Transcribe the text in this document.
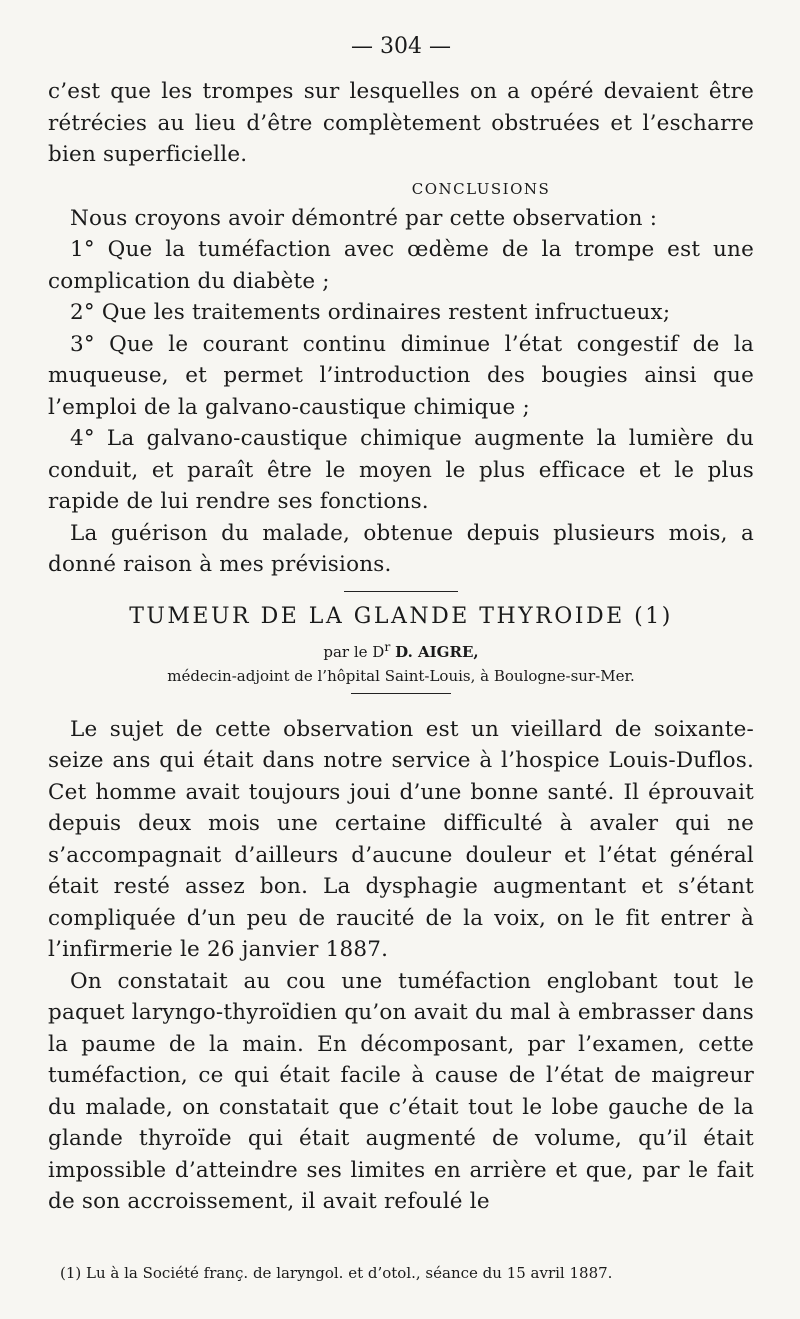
— 304 —

c’est que les trompes sur lesquelles on a opéré devaient être rétrécies au lieu d’être complètement obstruées et l’escharre bien superficielle.

CONCLUSIONS

Nous croyons avoir démontré par cette observation :

1° Que la tuméfaction avec œdème de la trompe est une complication du diabète ;

2° Que les traitements ordinaires restent infructueux;

3° Que le courant continu diminue l’état congestif de la muqueuse, et permet l’introduction des bougies ainsi que l’emploi de la galvano-caustique chimique ;

4° La galvano-caustique chimique augmente la lumière du conduit, et paraît être le moyen le plus efficace et le plus rapide de lui rendre ses fonctions.

La guérison du malade, obtenue depuis plusieurs mois, a donné raison à mes prévisions.

TUMEUR DE LA GLANDE THYROIDE (1)
par le $D^r$ D. AIGRE,
médecin-adjoint de l’hôpital Saint-Louis, à Boulogne-sur-Mer.

Le sujet de cette observation est un vieillard de soixante-seize ans qui était dans notre service à l’hospice Louis-Duflos. Cet homme avait toujours joui d’une bonne santé. Il éprouvait depuis deux mois une certaine difficulté à avaler qui ne s’accompagnait d’ailleurs d’aucune douleur et l’état général était resté assez bon. La dysphagie augmentant et s’étant compliquée d’un peu de raucité de la voix, on le fit entrer à l’infirmerie le 26 janvier 1887.

On constatait au cou une tuméfaction englobant tout le paquet laryngo-thyroïdien qu’on avait du mal à embrasser dans la paume de la main. En décomposant, par l’examen, cette tuméfaction, ce qui était facile à cause de l’état de maigreur du malade, on constatait que c’était tout le lobe gauche de la glande thyroïde qui était augmenté de volume, qu’il était impossible d’atteindre ses limites en arrière et que, par le fait de son accroissement, il avait refoulé le

(1) Lu à la Société franç. de laryngol. et d’otol., séance du 15 avril 1887.
